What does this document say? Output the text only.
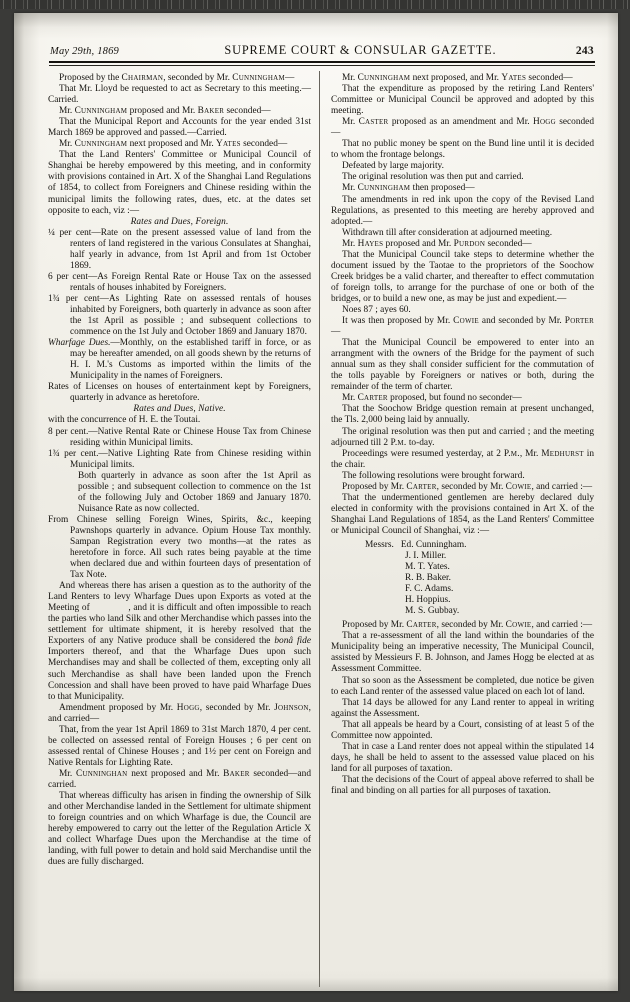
May 29th, 1869	SUPREME COURT & CONSULAR GAZETTE.	243

Proposed by the Chairman, seconded by Mr. Cunningham—

That Mr. Lloyd be requested to act as Secretary to this meeting.—Carried.

Mr. Cunningham proposed and Mr. Baker seconded—

That the Municipal Report and Accounts for the year ended 31st March 1869 be approved and passed.—Carried.

Mr. Cunningham next proposed and Mr. Yates seconded—

That the Land Renters' Committee or Municipal Council of Shanghai be hereby empowered by this meeting, and in conformity with provisions contained in Art. X of the Shanghai Land Regulations of 1854, to collect from Foreigners and Chinese residing within the municipal limits the following rates, dues, etc. at the dates set opposite to each, viz :—

Rates and Dues, Foreign.

¼ per cent—Rate on the present assessed value of land from the renters of land registered in the various Consulates at Shanghai, half yearly in advance, from 1st April and from 1st October 1869.

6 per cent—As Foreign Rental Rate or House Tax on the assessed rentals of houses inhabited by Foreigners.

1¾ per cent—As Lighting Rate on assessed rentals of houses inhabited by Foreigners, both quarterly in advance as soon after the 1st April as possible ; and subsequent collections to commence on the 1st July and October 1869 and January 1870.

Wharfage Dues.—Monthly, on the established tariff in force, or as may be hereafter amended, on all goods shewn by the returns of H. I. M.'s Customs as imported within the limits of the Municipality in the names of Foreigners.

Rates of Licenses on houses of entertainment kept by Foreigners, quarterly in advance as heretofore.

Rates and Dues, Native.

with the concurrence of H. E. the Toutai.

8 per cent.—Native Rental Rate or Chinese House Tax from Chinese residing within Municipal limits.

1¾ per cent.—Native Lighting Rate from Chinese residing within Municipal limits.

Both quarterly in advance as soon after the 1st April as possible ; and subsequent collection to commence on the 1st of the following July and October 1869 and January 1870. Nuisance Rate as now collected.

From Chinese selling Foreign Wines, Spirits, &c., keeping Pawnshops quarterly in advance. Opium House Tax monthly. Sampan Registration every two months—at the rates as heretofore in force. All such rates being payable at the time when declared due and within fourteen days of presentation of Tax Note.

And whereas there has arisen a question as to the authority of the Land Renters to levy Wharfage Dues upon Exports as voted at the Meeting of	, and it is difficult and often impossible to reach the parties who land Silk and other Merchandise which passes into the settlement for ultimate shipment, it is hereby resolved that the Exporters of any Native produce shall be considered the bonâ fide Importers thereof, and that the Wharfage Dues upon such Merchandises may and shall be collected of them, excepting only all such Merchandise as shall have been landed upon the French Concession and shall have been proved to have paid Wharfage Dues to that Municipality.

Amendment proposed by Mr. Hogg, seconded by Mr. Johnson, and carried—

That, from the year 1st April 1869 to 31st March 1870, 4 per cent. be collected on assessed rental of Foreign Houses ; 6 per cent on assessed rental of Chinese Houses ; and 1½ per cent on Foreign and Native Rentals for Lighting Rate.

Mr. Cunninghan next proposed and Mr. Baker seconded—and carried.

That whereas difficulty has arisen in finding the ownership of Silk and other Merchandise landed in the Settlement for ultimate shipment to foreign countries and on which Wharfage is due, the Council are hereby empowered to carry out the letter of the Regulation Article X and collect Wharfage Dues upon the Merchandise at the time of landing, with full power to detain and hold said Merchandise until the dues are fully discharged.

Mr. Cunningham next proposed, and Mr. Yates seconded—

That the expenditure as proposed by the retiring Land Renters' Committee or Municipal Council be approved and adopted by this meeting.

Mr. Caster proposed as an amendment and Mr. Hogg seconded—

That no public money be spent on the Bund line until it is decided to whom the frontage belongs.

Defeated by large majority.

The original resolution was then put and carried.

Mr. Cunningham then proposed—

The amendments in red ink upon the copy of the Revised Land Regulations, as presented to this meeting are hereby approved and adopted.—

Withdrawn till after consideration at adjourned meeting.

Mr. Hayes proposed and Mr. Purdon seconded—

That the Municipal Council take steps to determine whether the document issued by the Taotae to the proprietors of the Soochow Creek bridges be a valid charter, and thereafter to effect commutation of foreign tolls, to arrange for the purchase of one or both of the bridges, or to build a new one, as may be just and expedient.—

Noes 87 ; ayes 60.

It was then proposed by Mr. Cowie and seconded by Mr. Porter—

That the Municipal Council be empowered to enter into an arrangment with the owners of the Bridge for the payment of such annual sum as they shall consider sufficient for the commutation of the tolls payable by Foreigners or natives or both, during the remainder of the term of charter.

Mr. Carter proposed, but found no seconder—

That the Soochow Bridge question remain at present unchanged, the Tls. 2,000 being laid by annually.

The original resolution was then put and carried ; and the meeting adjourned till 2 P.m. to-day.

Proceedings were resumed yesterday, at 2 P.m., Mr. Medhurst in the chair.

The following resolutions were brought forward.

Proposed by Mr. Carter, seconded by Mr. Cowie, and carried :—

That the undermentioned gentlemen are hereby declared duly elected in conformity with the provisions contained in Art X. of the Shanghai Land Regulations of 1854, as the Land Renters' Committee or Municipal Council of Shanghai, viz :—

Messrs. Ed. Cunningham.
J. I. Miller.
M. T. Yates.
R. B. Baker.
F. C. Adams.
H. Hoppius.
M. S. Gubbay.

Proposed by Mr. Carter, seconded by Mr. Cowie, and carried :—

That a re-assessment of all the land within the boundaries of the Municipality being an imperative necessity, The Municipal Council, assisted by Messieurs F. B. Johnson, and James Hogg be elected at as Assessment Committee.

That so soon as the Assessment be completed, due notice be given to each Land renter of the assessed value placed on each lot of land.

That 14 days be allowed for any Land renter to appeal in writing against the Assessment.

That all appeals be heard by a Court, consisting of at least 5 of the Committee now appointed.

That in case a Land renter does not appeal within the stipulated 14 days, he shall be held to assent to the assessed value placed on his land for all purposes of taxation.

That the decisions of the Court of appeal above referred to shall be final and binding on all parties for all purposes of taxation.
